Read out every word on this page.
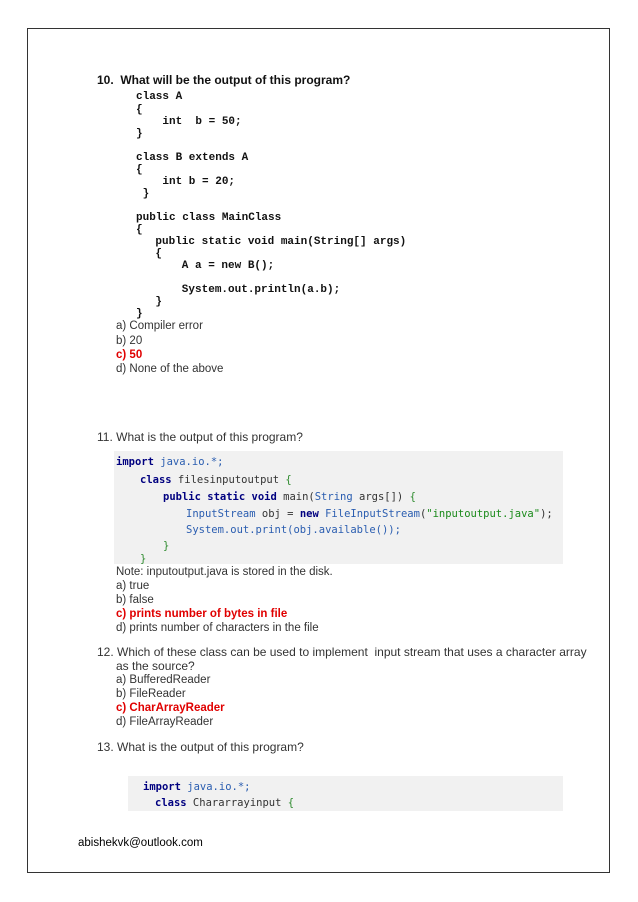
10.  What will be the output of this program?
class A
{
int  b = 50;
}
class B extends A
{
int b = 20;
}
public class MainClass
{
public static void main(String[] args)
{
A a = new B();
System.out.println(a.b);
}
}
a) Compiler error
b) 20
c) 50
d) None of the above
11. What is the output of this program?
import java.io.*;
class filesinputoutput {
public static void main(String args[]) {
InputStream obj = new FileInputStream("inputoutput.java");
System.out.print(obj.available());
}
}
Note: inputoutput.java is stored in the disk.
a) true
b) false
c) prints number of bytes in file
d) prints number of characters in the file
12. Which of these class can be used to implement  input stream that uses a character array
as the source?
a) BufferedReader
b) FileReader
c) CharArrayReader
d) FileArrayReader
13. What is the output of this program?
import java.io.*;
class Chararrayinput {
abishekvk@outlook.com
